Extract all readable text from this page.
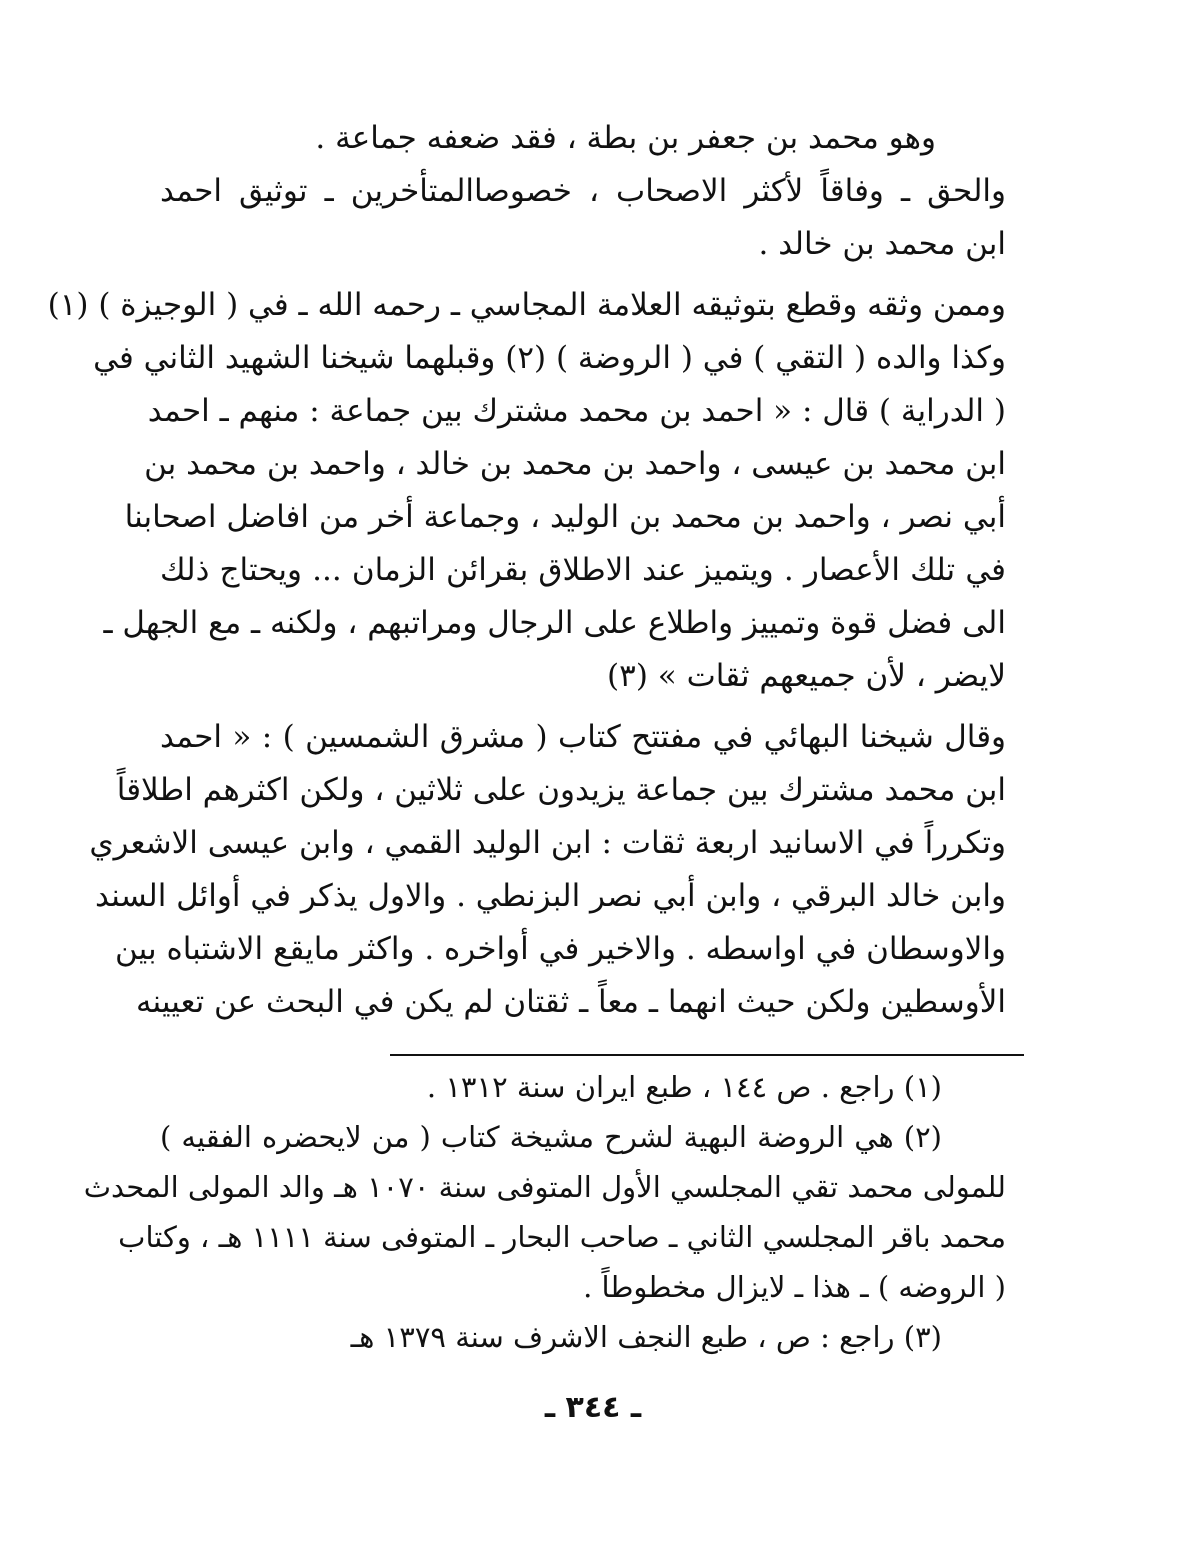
وهو محمد بن جعفر بن بطة ، فقد ضعفه جماعة .
والحق ـ وفاقاً لأكثر الاصحاب ، خصوصاالمتأخرين ـ توثيق احمد
ابن محمد بن خالد .
وممن وثقه وقطع بتوثيقه العلامة المجاسي ـ رحمه الله ـ في ( الوجيزة ) (١)
وكذا والده ( التقي ) في ( الروضة ) (٢) وقبلهما شيخنا الشهيد الثاني في
( الدراية ) قال : « احمد بن محمد مشترك بين جماعة : منهم ـ احمد
ابن محمد بن عيسى ، واحمد بن محمد بن خالد ، واحمد بن محمد بن
أبي نصر ، واحمد بن محمد بن الوليد ، وجماعة أخر من افاضل اصحابنا
في تلك الأعصار . ويتميز عند الاطلاق بقرائن الزمان ... ويحتاج ذلك
الى فضل قوة وتمييز واطلاع على الرجال ومراتبهم ، ولكنه ـ مع الجهل ـ
لايضر ، لأن جميعهم ثقات » (٣)
وقال شيخنا البهائي في مفتتح كتاب ( مشرق الشمسين ) : « احمد
ابن محمد مشترك بين جماعة يزيدون على ثلاثين ، ولكن اكثرهم اطلاقاً
وتكرراً في الاسانيد اربعة ثقات : ابن الوليد القمي ، وابن عيسى الاشعري
وابن خالد البرقي ، وابن أبي نصر البزنطي . والاول يذكر في أوائل السند
والاوسطان في اواسطه . والاخير في أواخره . واكثر مايقع الاشتباه بين
الأوسطين ولكن حيث انهما ـ معاً ـ ثقتان لم يكن في البحث عن تعيينه
(١) راجع . ص ١٤٤ ، طبع ايران سنة ١٣١٢ .
(٢) هي الروضة البهية لشرح مشيخة كتاب ( من لايحضره الفقيه )
للمولى محمد تقي المجلسي الأول المتوفى سنة ١٠٧٠ هـ والد المولى المحدث
محمد باقر المجلسي الثاني ـ صاحب البحار ـ المتوفى سنة ١١١١ هـ ، وكتاب
( الروضه ) ـ هذا ـ لايزال مخطوطاً .
(٣) راجع : ص ، طبع النجف الاشرف سنة ١٣٧٩ هـ
ـ ٣٤٤ ـ
